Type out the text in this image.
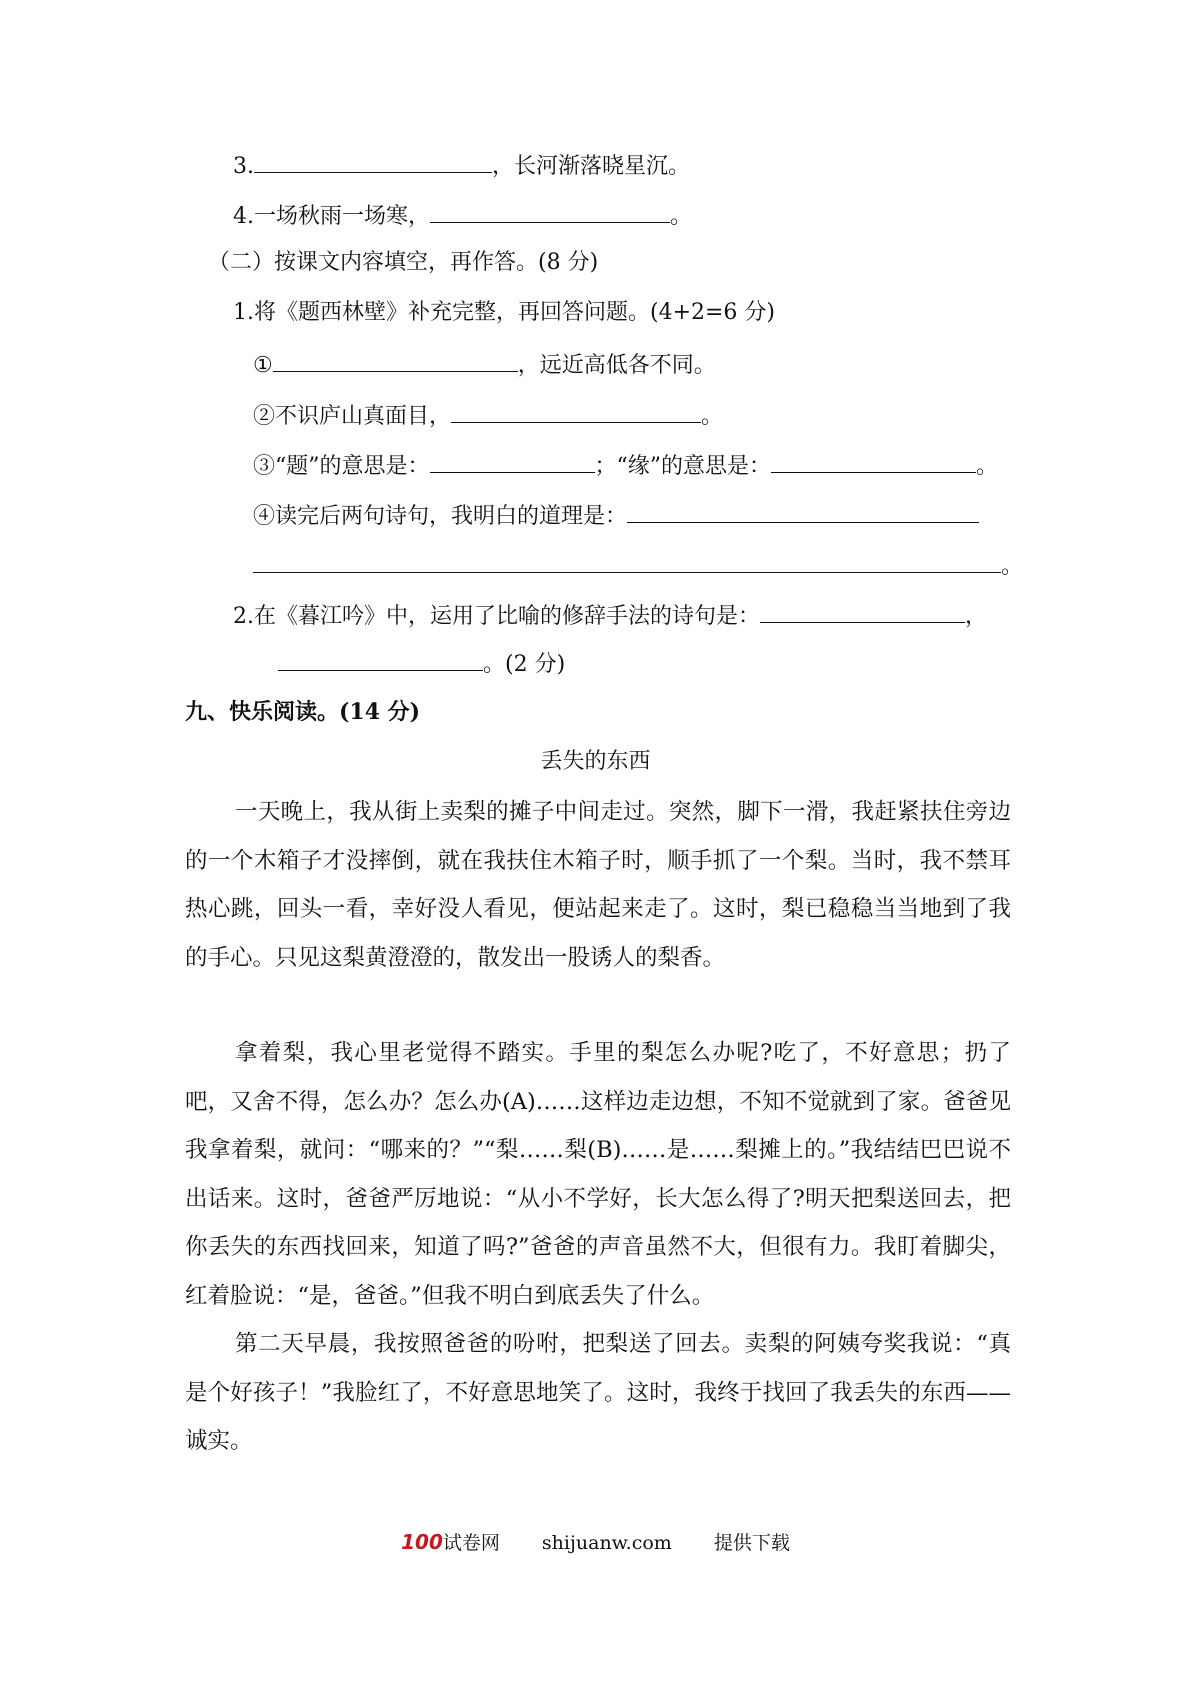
3.	，长河渐落晓星沉。
4.一场秋雨一场寒，	。
（二）按课文内容填空，再作答。(8 分)
1.将《题西林壁》补充完整，再回答问题。(4+2=6 分)
①	，远近高低各不同。
②不识庐山真面目，	。
③“题”的意思是：	；“缘”的意思是：	。
④读完后两句诗句，我明白的道理是：
。
2.在《暮江吟》中，运用了比喻的修辞手法的诗句是：	，
。(2 分)
九、快乐阅读。(14 分)
丢失的东西
一天晚上，我从街上卖梨的摊子中间走过。突然，脚下一滑，我赶紧扶住旁边的一个木箱子才没摔倒，就在我扶住木箱子时，顺手抓了一个梨。当时，我不禁耳热心跳，回头一看，幸好没人看见，便站起来走了。这时，梨已稳稳当当地到了我的手心。只见这梨黄澄澄的，散发出一股诱人的梨香。
拿着梨，我心里老觉得不踏实。手里的梨怎么办呢?吃了，不好意思；扔了吧，又舍不得，怎么办？怎么办(A)……这样边走边想，不知不觉就到了家。爸爸见我拿着梨，就问：“哪来的？”“梨……梨(B)……是……梨摊上的。”我结结巴巴说不出话来。这时，爸爸严厉地说：“从小不学好，长大怎么得了?明天把梨送回去，把你丢失的东西找回来，知道了吗?”爸爸的声音虽然不大，但很有力。我盯着脚尖，红着脸说：“是，爸爸。”但我不明白到底丢失了什么。
第二天早晨，我按照爸爸的吩咐，把梨送了回去。卖梨的阿姨夸奖我说：“真是个好孩子！”我脸红了，不好意思地笑了。这时，我终于找回了我丢失的东西——诚实。
100试卷网 shijuanw.com 提供下载
